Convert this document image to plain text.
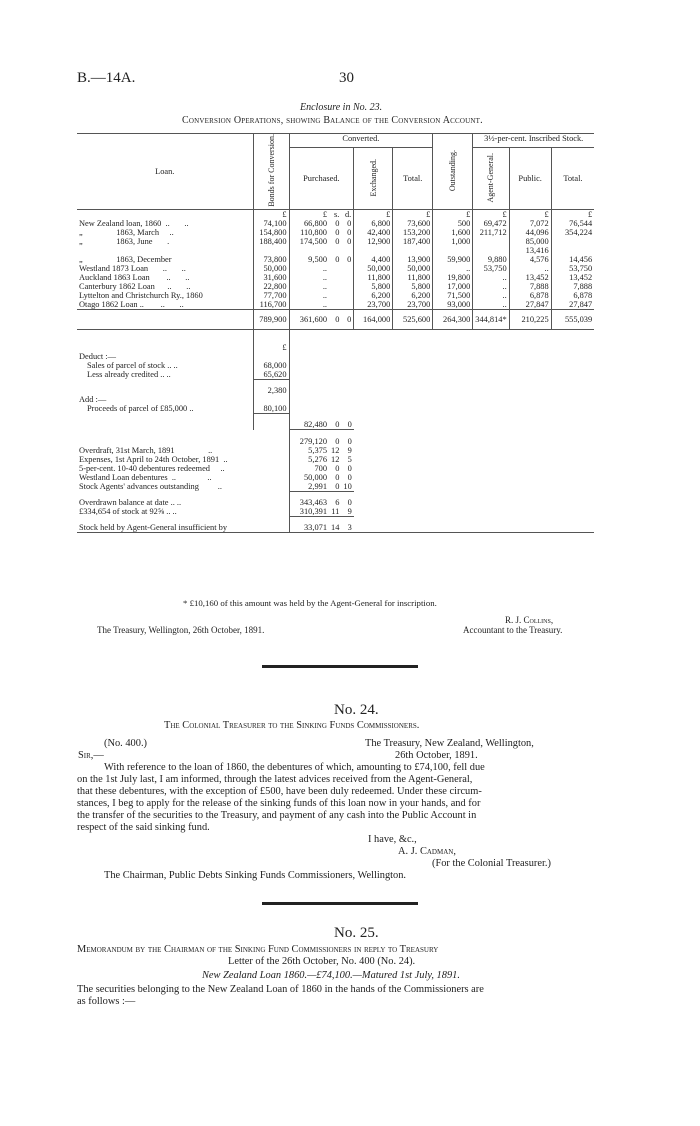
B.—14A.	30
Enclosure in No. 23.
Conversion Operations, showing Balance of the Conversion Account.
Loan.	Bonds for Conversion.	Converted.					Outstanding.	3½-per-cent. Inscribed Stock.		
		Purchased.			Exchanged.	Total.		Agent-General.	Public.	Total.
	£	£	s.	d.	£	£	£	£	£	£
New Zealand loan, 1860  ..       ..	74,100	66,800	0	0	6,800	73,600	500	69,472	7,072	76,544
„                1863, March     ..	154,800	110,800	0	0	42,400	153,200	1,600	211,712	44,096	354,224
„                1863, June       .	188,400	174,500	0	0	12,900	187,400	1,000		85,000	
									13,416	
„                1863, December	73,800	9,500	0	0	4,400	13,900	59,900	9,880	4,576	14,456
Westland 1873 Loan       ..       ..	50,000	..			50,000	50,000	..	53,750	..	53,750
Auckland 1863 Loan        ..       ..	31,600	..			11,800	11,800	19,800	..	13,452	13,452
Canterbury 1862 Loan      ..       ..	22,800	..			5,800	5,800	17,000	..	7,888	7,888
Lyttelton and Christchurch Ry., 1860	77,700	..			6,200	6,200	71,500	..	6,878	6,878
Otago 1862 Loan ..        ..       ..	116,700	..			23,700	23,700	93,000	..	27,847	27,847
	789,900	361,600	0	0	164,000	525,600	264,300	344,814*	210,225	555,039
	£									
Deduct :—										
Sales of parcel of stock .. ..	68,000									
Less already credited .. ..	65,620									
	2,380									
Add :—										
Proceeds of parcel of £85,000 ..	80,100									
		82,480	0	0						
		279,120	0	0						
Overdraft, 31st March, 1891                ..		5,375	12	9						
Expenses, 1st April to 24th October, 1891  ..		5,276	12	5						
5-per-cent. 10-40 debentures redeemed     ..		700	0	0						
Westland Loan debentures  ..               ..		50,000	0	0						
Stock Agents' advances outstanding         ..		2,991	0	10						
Overdrawn balance at date .. ..		343,463	6	0						
£334,654 of stock at 92⅝ .. ..		310,391	11	9						
Stock held by Agent-General insufficient by		33,071	14	3						
* £10,160 of this amount was held by the Agent-General for inscription.
R. J. Collins,
The Treasury, Wellington, 26th October, 1891.	Accountant to the Treasury.
No. 24.
The Colonial Treasurer to the Sinking Funds Commissioners.
(No. 400.)	The Treasury, New Zealand, Wellington,
Sir,—	26th October, 1891.
With reference to the loan of 1860, the debentures of which, amounting to £74,100, fell due
on the 1st July last, I am informed, through the latest advices received from the Agent-General,
that these debentures, with the exception of £500, have been duly redeemed. Under these circum-
stances, I beg to apply for the release of the sinking funds of this loan now in your hands, and for
the transfer of the securities to the Treasury, and payment of any cash into the Public Account in
respect of the said sinking fund.
I have, &c.,
A. J. Cadman,
(For the Colonial Treasurer.)
The Chairman, Public Debts Sinking Funds Commissioners, Wellington.
No. 25.
Memorandum by the Chairman of the Sinking Fund Commissioners in reply to Treasury
Letter of the 26th October, No. 400 (No. 24).
New Zealand Loan 1860.—£74,100.—Matured 1st July, 1891.
The securities belonging to the New Zealand Loan of 1860 in the hands of the Commissioners are
as follows :—
